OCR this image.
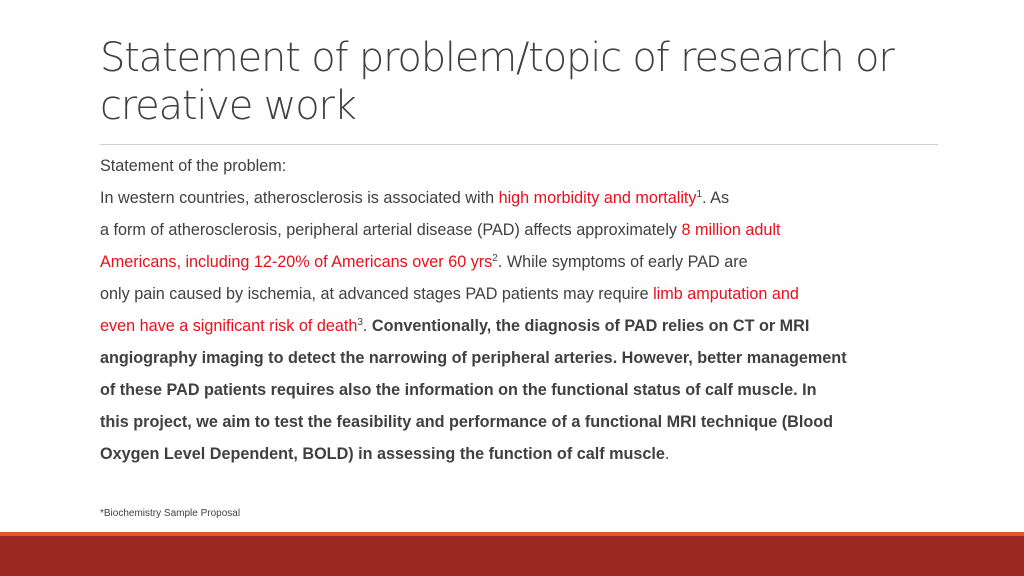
Statement of problem/topic of research or creative work

Statement of the problem:

In western countries, atherosclerosis is associated with high morbidity and mortality$^1$. As

a form of atherosclerosis, peripheral arterial disease (PAD) affects approximately 8 million adult

Americans, including 12-20% of Americans over 60 yrs$^2$. While symptoms of early PAD are

only pain caused by ischemia, at advanced stages PAD patients may require limb amputation and

even have a significant risk of death$^3$. Conventionally, the diagnosis of PAD relies on CT or MRI

angiography imaging to detect the narrowing of peripheral arteries. However, better management

of these PAD patients requires also the information on the functional status of calf muscle. In

this project, we aim to test the feasibility and performance of a functional MRI technique (Blood

Oxygen Level Dependent, BOLD) in assessing the function of calf muscle.

*Biochemistry Sample Proposal
